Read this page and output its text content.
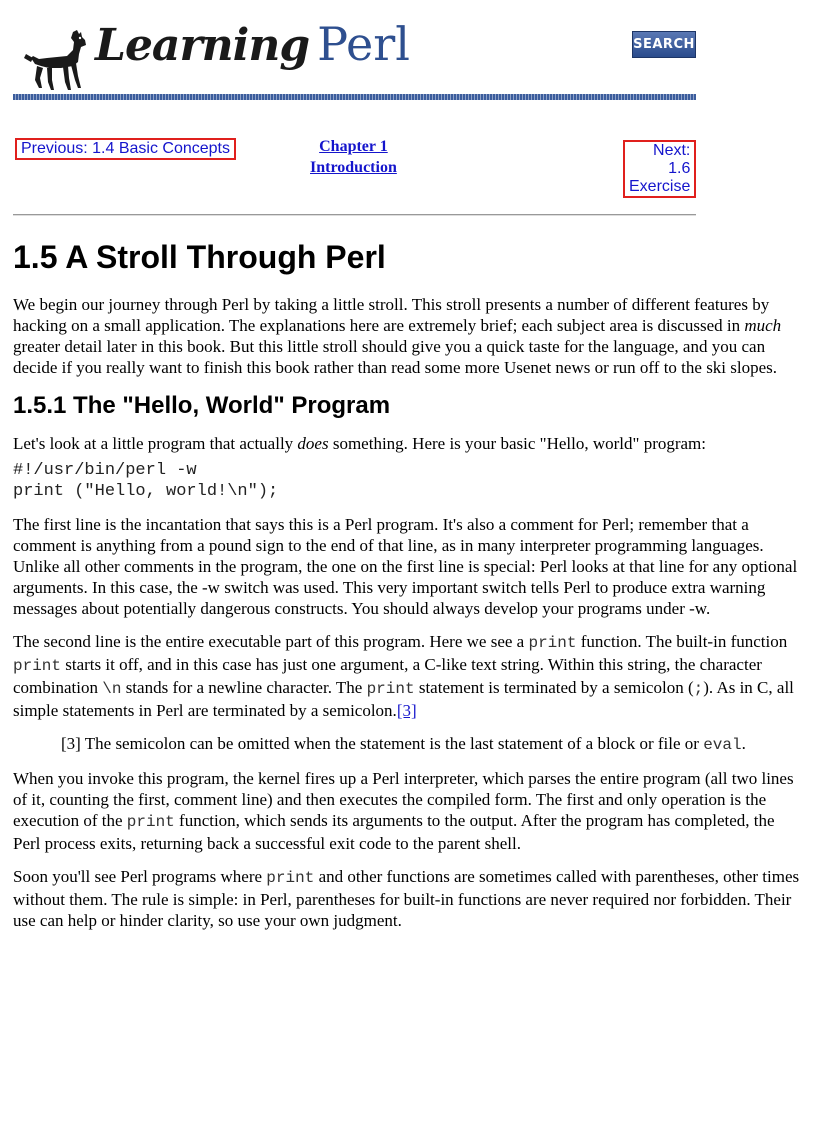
Learning Perl	SEARCH
Previous: 1.4 Basic Concepts	Chapter 1
Introduction
Next: 1.6
Exercise
1.5 A Stroll Through Perl

We begin our journey through Perl by taking a little stroll. This stroll presents a number of different features by hacking on a small application. The explanations here are extremely brief; each subject area is discussed in much greater detail later in this book. But this little stroll should give you a quick taste for the language, and you can decide if you really want to finish this book rather than read some more Usenet news or run off to the ski slopes.

1.5.1 The "Hello, World" Program

Let's look at a little program that actually does something. Here is your basic "Hello, world" program:

#!/usr/bin/perl -w
print ("Hello, world!\n");

The first line is the incantation that says this is a Perl program. It's also a comment for Perl; remember that a comment is anything from a pound sign to the end of that line, as in many interpreter programming languages. Unlike all other comments in the program, the one on the first line is special: Perl looks at that line for any optional arguments. In this case, the -w switch was used. This very important switch tells Perl to produce extra warning messages about potentially dangerous constructs. You should always develop your programs under -w.

The second line is the entire executable part of this program. Here we see a print function. The built-in function print starts it off, and in this case has just one argument, a C-like text string. Within this string, the character combination \n stands for a newline character. The print statement is terminated by a semicolon (;). As in C, all simple statements in Perl are terminated by a semicolon.[3]

[3] The semicolon can be omitted when the statement is the last statement of a block or file or eval.

When you invoke this program, the kernel fires up a Perl interpreter, which parses the entire program (all two lines of it, counting the first, comment line) and then executes the compiled form. The first and only operation is the execution of the print function, which sends its arguments to the output. After the program has completed, the Perl process exits, returning back a successful exit code to the parent shell.

Soon you'll see Perl programs where print and other functions are sometimes called with parentheses, other times without them. The rule is simple: in Perl, parentheses for built-in functions are never required nor forbidden. Their use can help or hinder clarity, so use your own judgment.
